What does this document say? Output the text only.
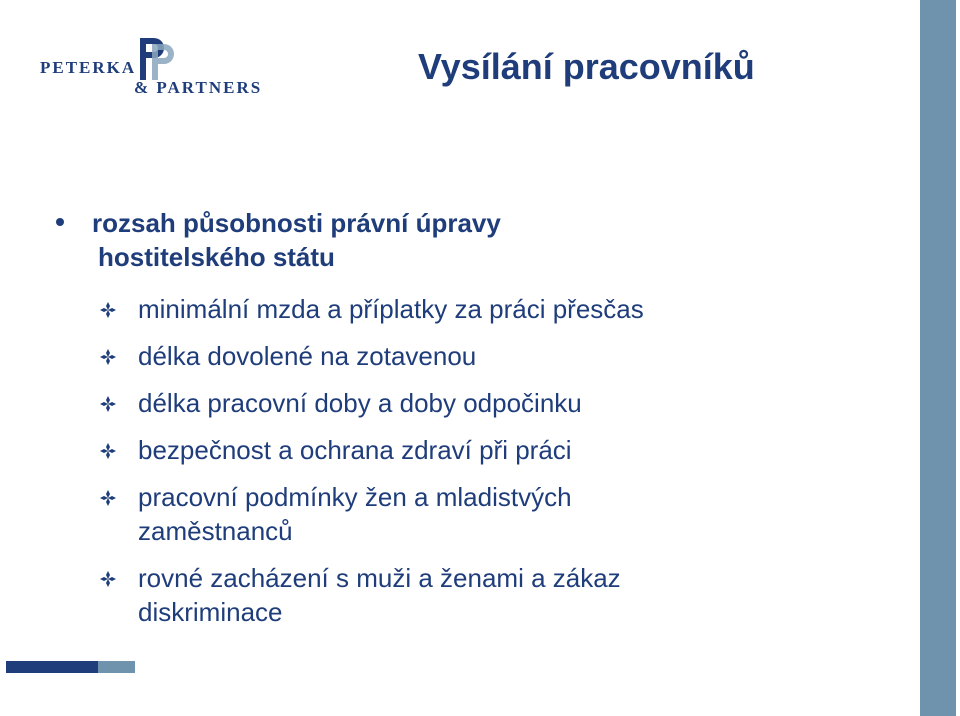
PETERKA
& PARTNERS
Vysílání pracovníků
rozsah působnosti právní úpravy
hostitelského státu
minimální mzda a příplatky za práci přesčas
délka dovolené na zotavenou
délka pracovní doby a doby odpočinku
bezpečnost a ochrana zdraví při práci
pracovní podmínky žen a mladistvých
zaměstnanců
rovné zacházení s muži a ženami a zákaz
diskriminace
